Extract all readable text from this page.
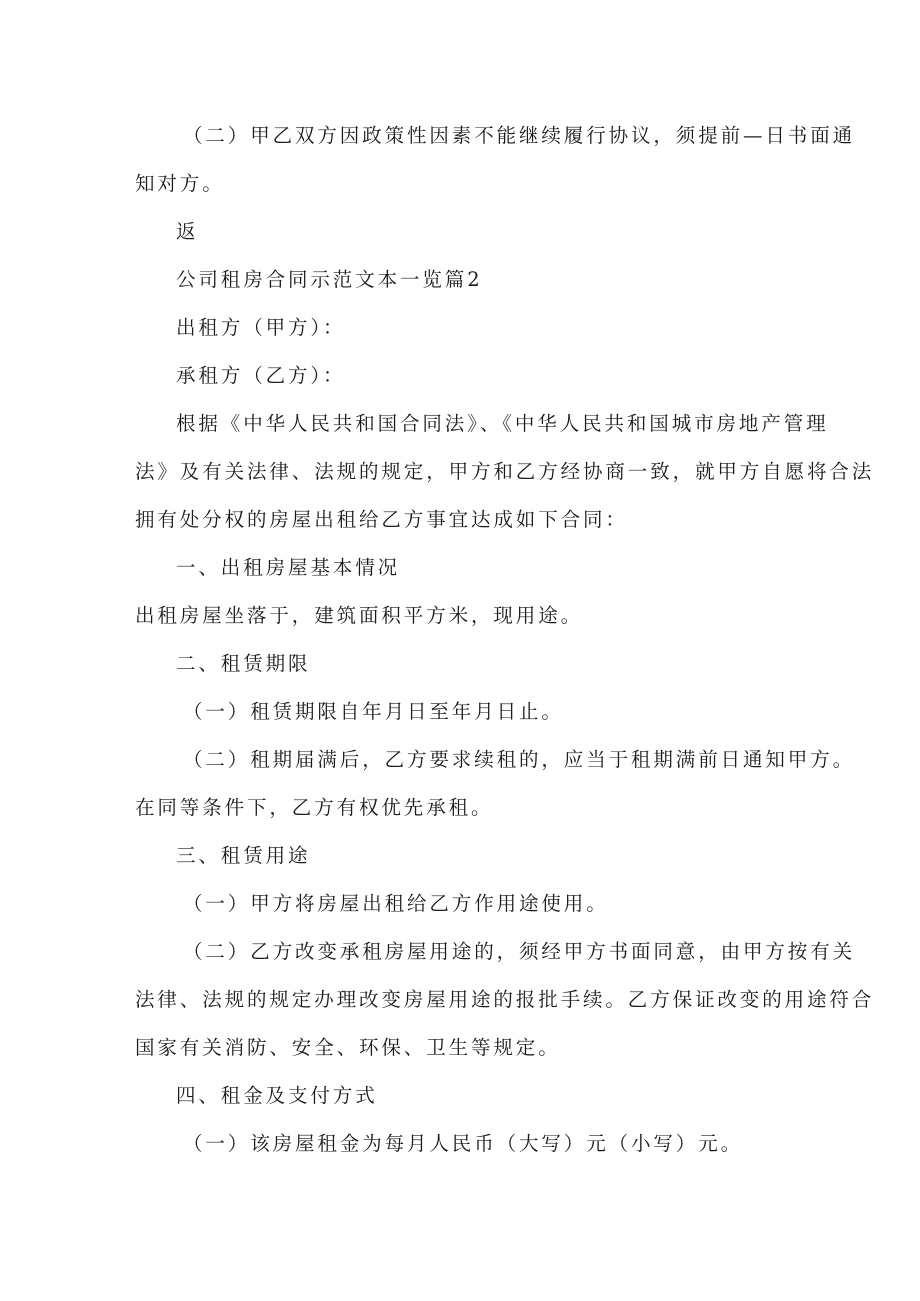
（二）甲乙双方因政策性因素不能继续履行协议，须提前—日书面通
知对方。
返
公司租房合同示范文本一览篇2
出租方（甲方）：
承租方（乙方）：
根据《中华人民共和国合同法》、《中华人民共和国城市房地产管理
法》及有关法律、法规的规定，甲方和乙方经协商一致，就甲方自愿将合法
拥有处分权的房屋出租给乙方事宜达成如下合同：
一、出租房屋基本情况
出租房屋坐落于，建筑面积平方米，现用途。
二、租赁期限
（一）租赁期限自年月日至年月日止。
（二）租期届满后，乙方要求续租的，应当于租期满前日通知甲方。
在同等条件下，乙方有权优先承租。
三、租赁用途
（一）甲方将房屋出租给乙方作用途使用。
（二）乙方改变承租房屋用途的，须经甲方书面同意，由甲方按有关
法律、法规的规定办理改变房屋用途的报批手续。乙方保证改变的用途符合
国家有关消防、安全、环保、卫生等规定。
四、租金及支付方式
（一）该房屋租金为每月人民币（大写）元（小写）元。
